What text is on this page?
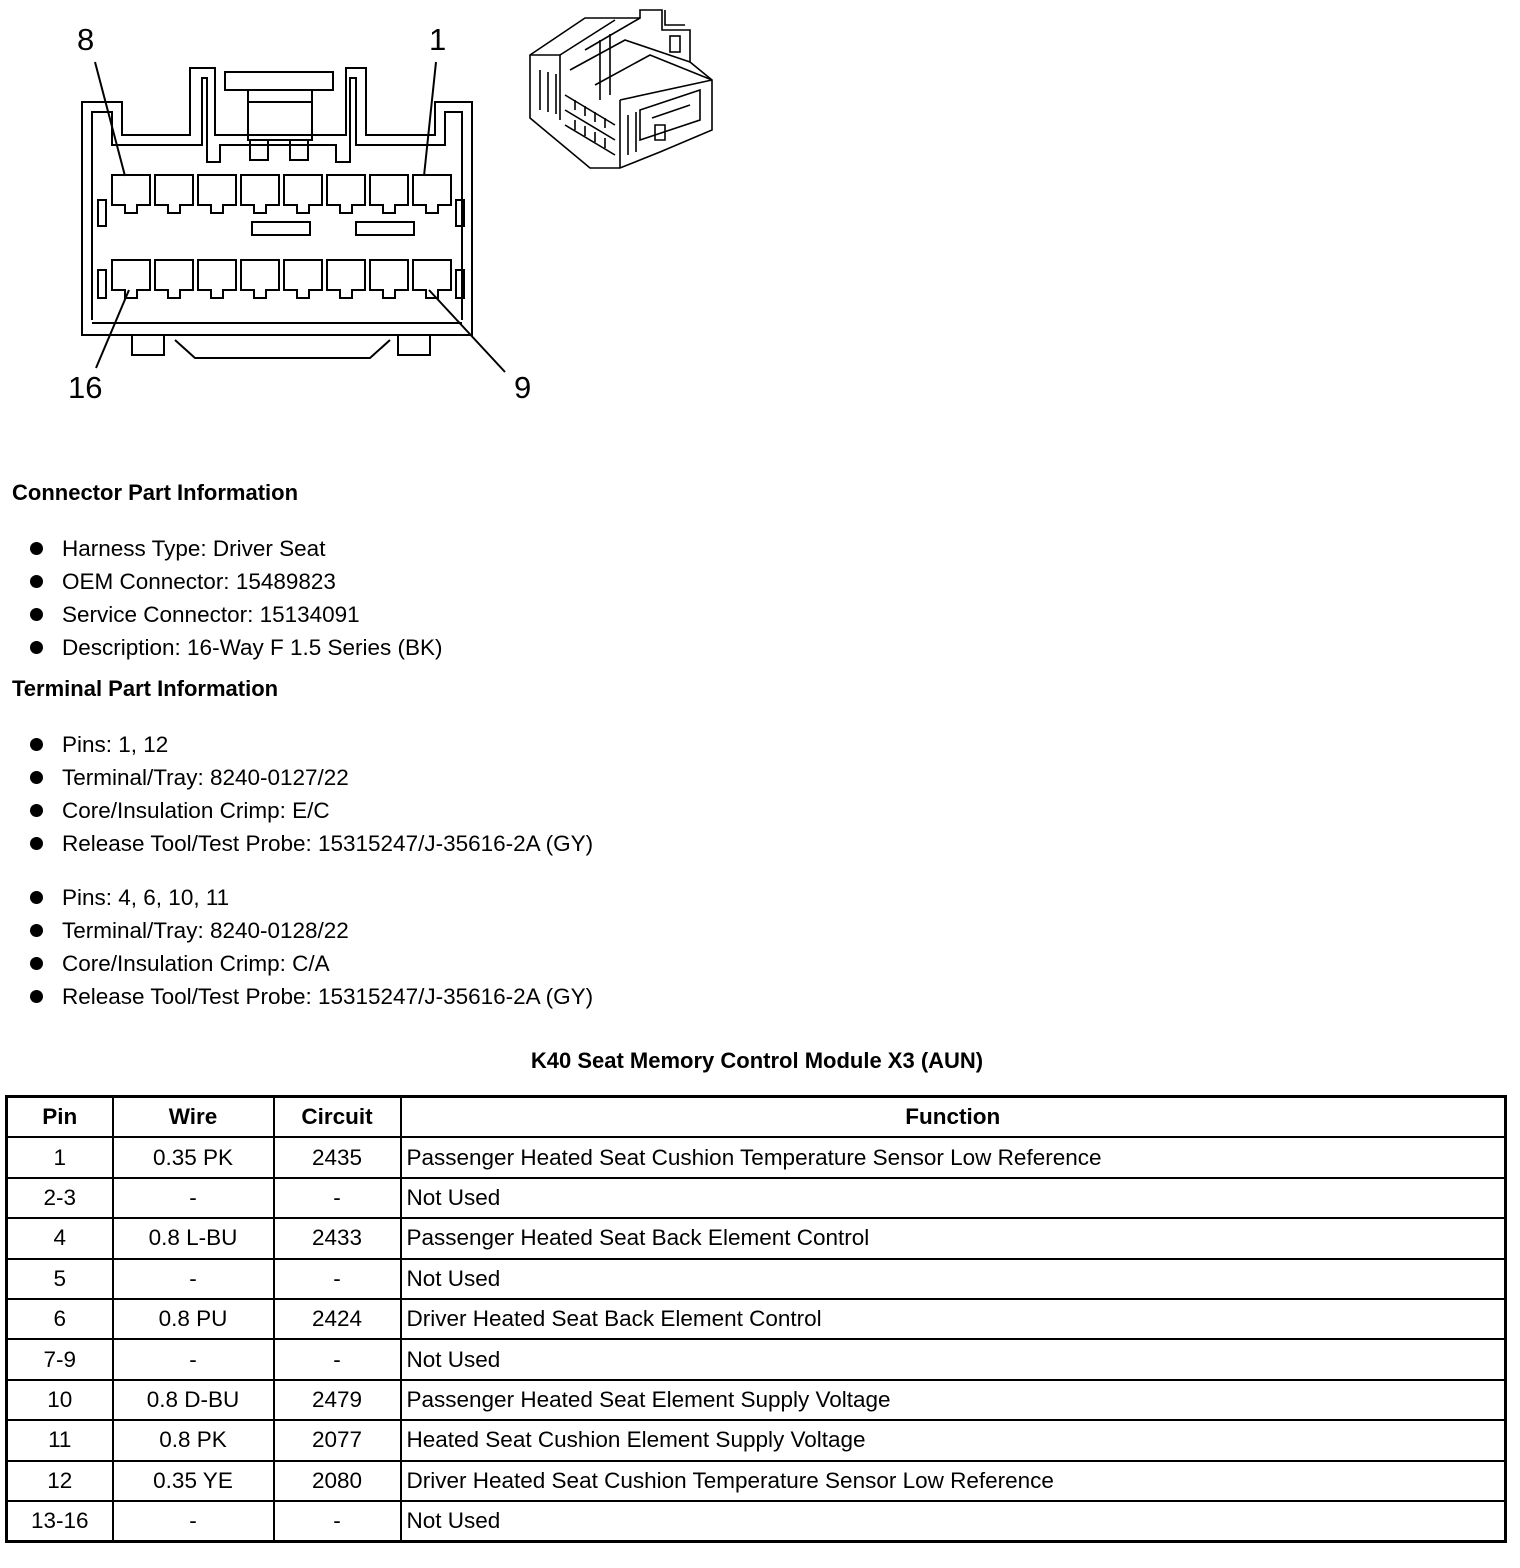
8	1
16	9
Connector Part Information
Harness Type: Driver Seat
OEM Connector: 15489823
Service Connector: 15134091
Description: 16-Way F 1.5 Series (BK)
Terminal Part Information
Pins: 1, 12
Terminal/Tray: 8240-0127/22
Core/Insulation Crimp: E/C
Release Tool/Test Probe: 15315247/J-35616-2A (GY)
Pins: 4, 6, 10, 11
Terminal/Tray: 8240-0128/22
Core/Insulation Crimp: C/A
Release Tool/Test Probe: 15315247/J-35616-2A (GY)
K40 Seat Memory Control Module X3 (AUN)
Pin	Wire	Circuit	Function
1	0.35 PK	2435	Passenger Heated Seat Cushion Temperature Sensor Low Reference
2-3	-	-	Not Used
4	0.8 L-BU	2433	Passenger Heated Seat Back Element Control
5	-	-	Not Used
6	0.8 PU	2424	Driver Heated Seat Back Element Control
7-9	-	-	Not Used
10	0.8 D-BU	2479	Passenger Heated Seat Element Supply Voltage
11	0.8 PK	2077	Heated Seat Cushion Element Supply Voltage
12	0.35 YE	2080	Driver Heated Seat Cushion Temperature Sensor Low Reference
13-16	-	-	Not Used
